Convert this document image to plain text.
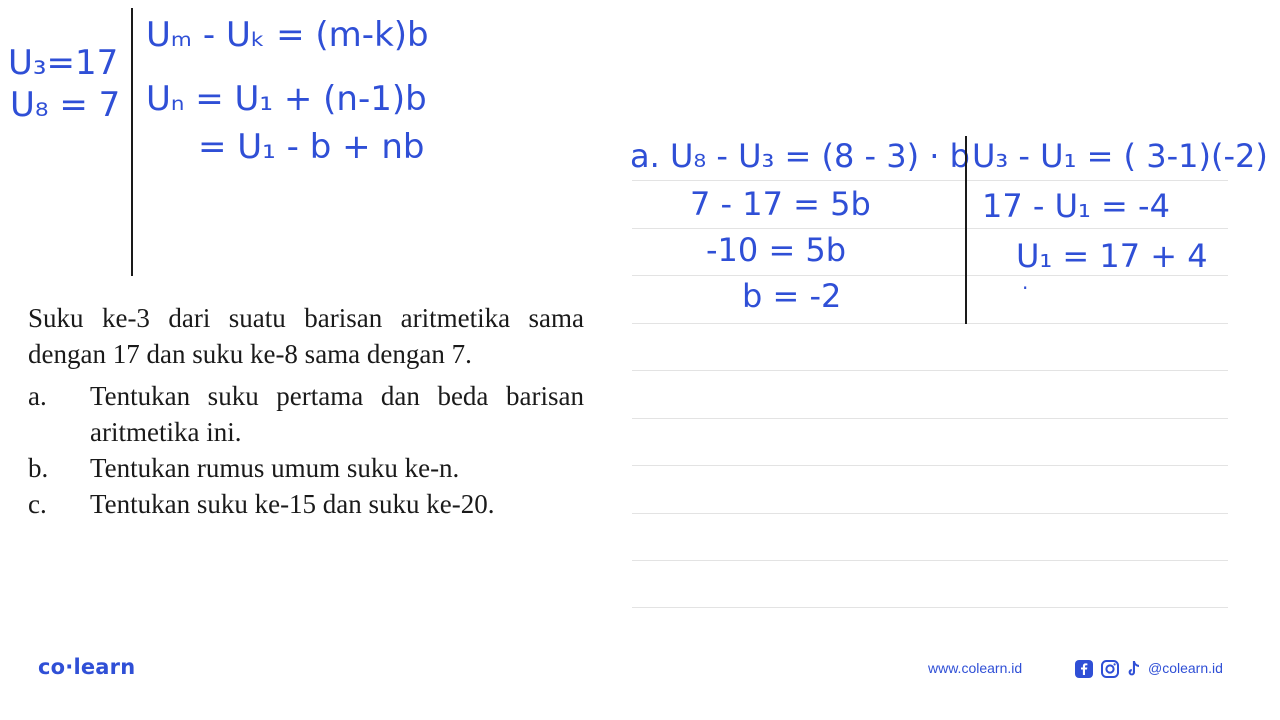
U₃=17
U₈ = 7
Uₘ - Uₖ = (m-k)b
Uₙ = U₁ + (n-1)b
= U₁ - b + nb	a. U₈ - U₃ = (8 - 3) · b
7 - 17 = 5b
-10 = 5b
b = -2
U₃ - U₁ = ( 3-1)(-2)
17 - U₁ = -4
U₁ = 17 + 4
.

Suku ke-3 dari suatu barisan aritmetika sama dengan 17 dan suku ke-8 sama dengan 7.

a. Tentukan suku pertama dan beda barisan aritmetika ini.
b. Tentukan rumus umum suku ke-n.
c. Tentukan suku ke-15 dan suku ke-20.
co·learn	www.colearn.id	@colearn.id
